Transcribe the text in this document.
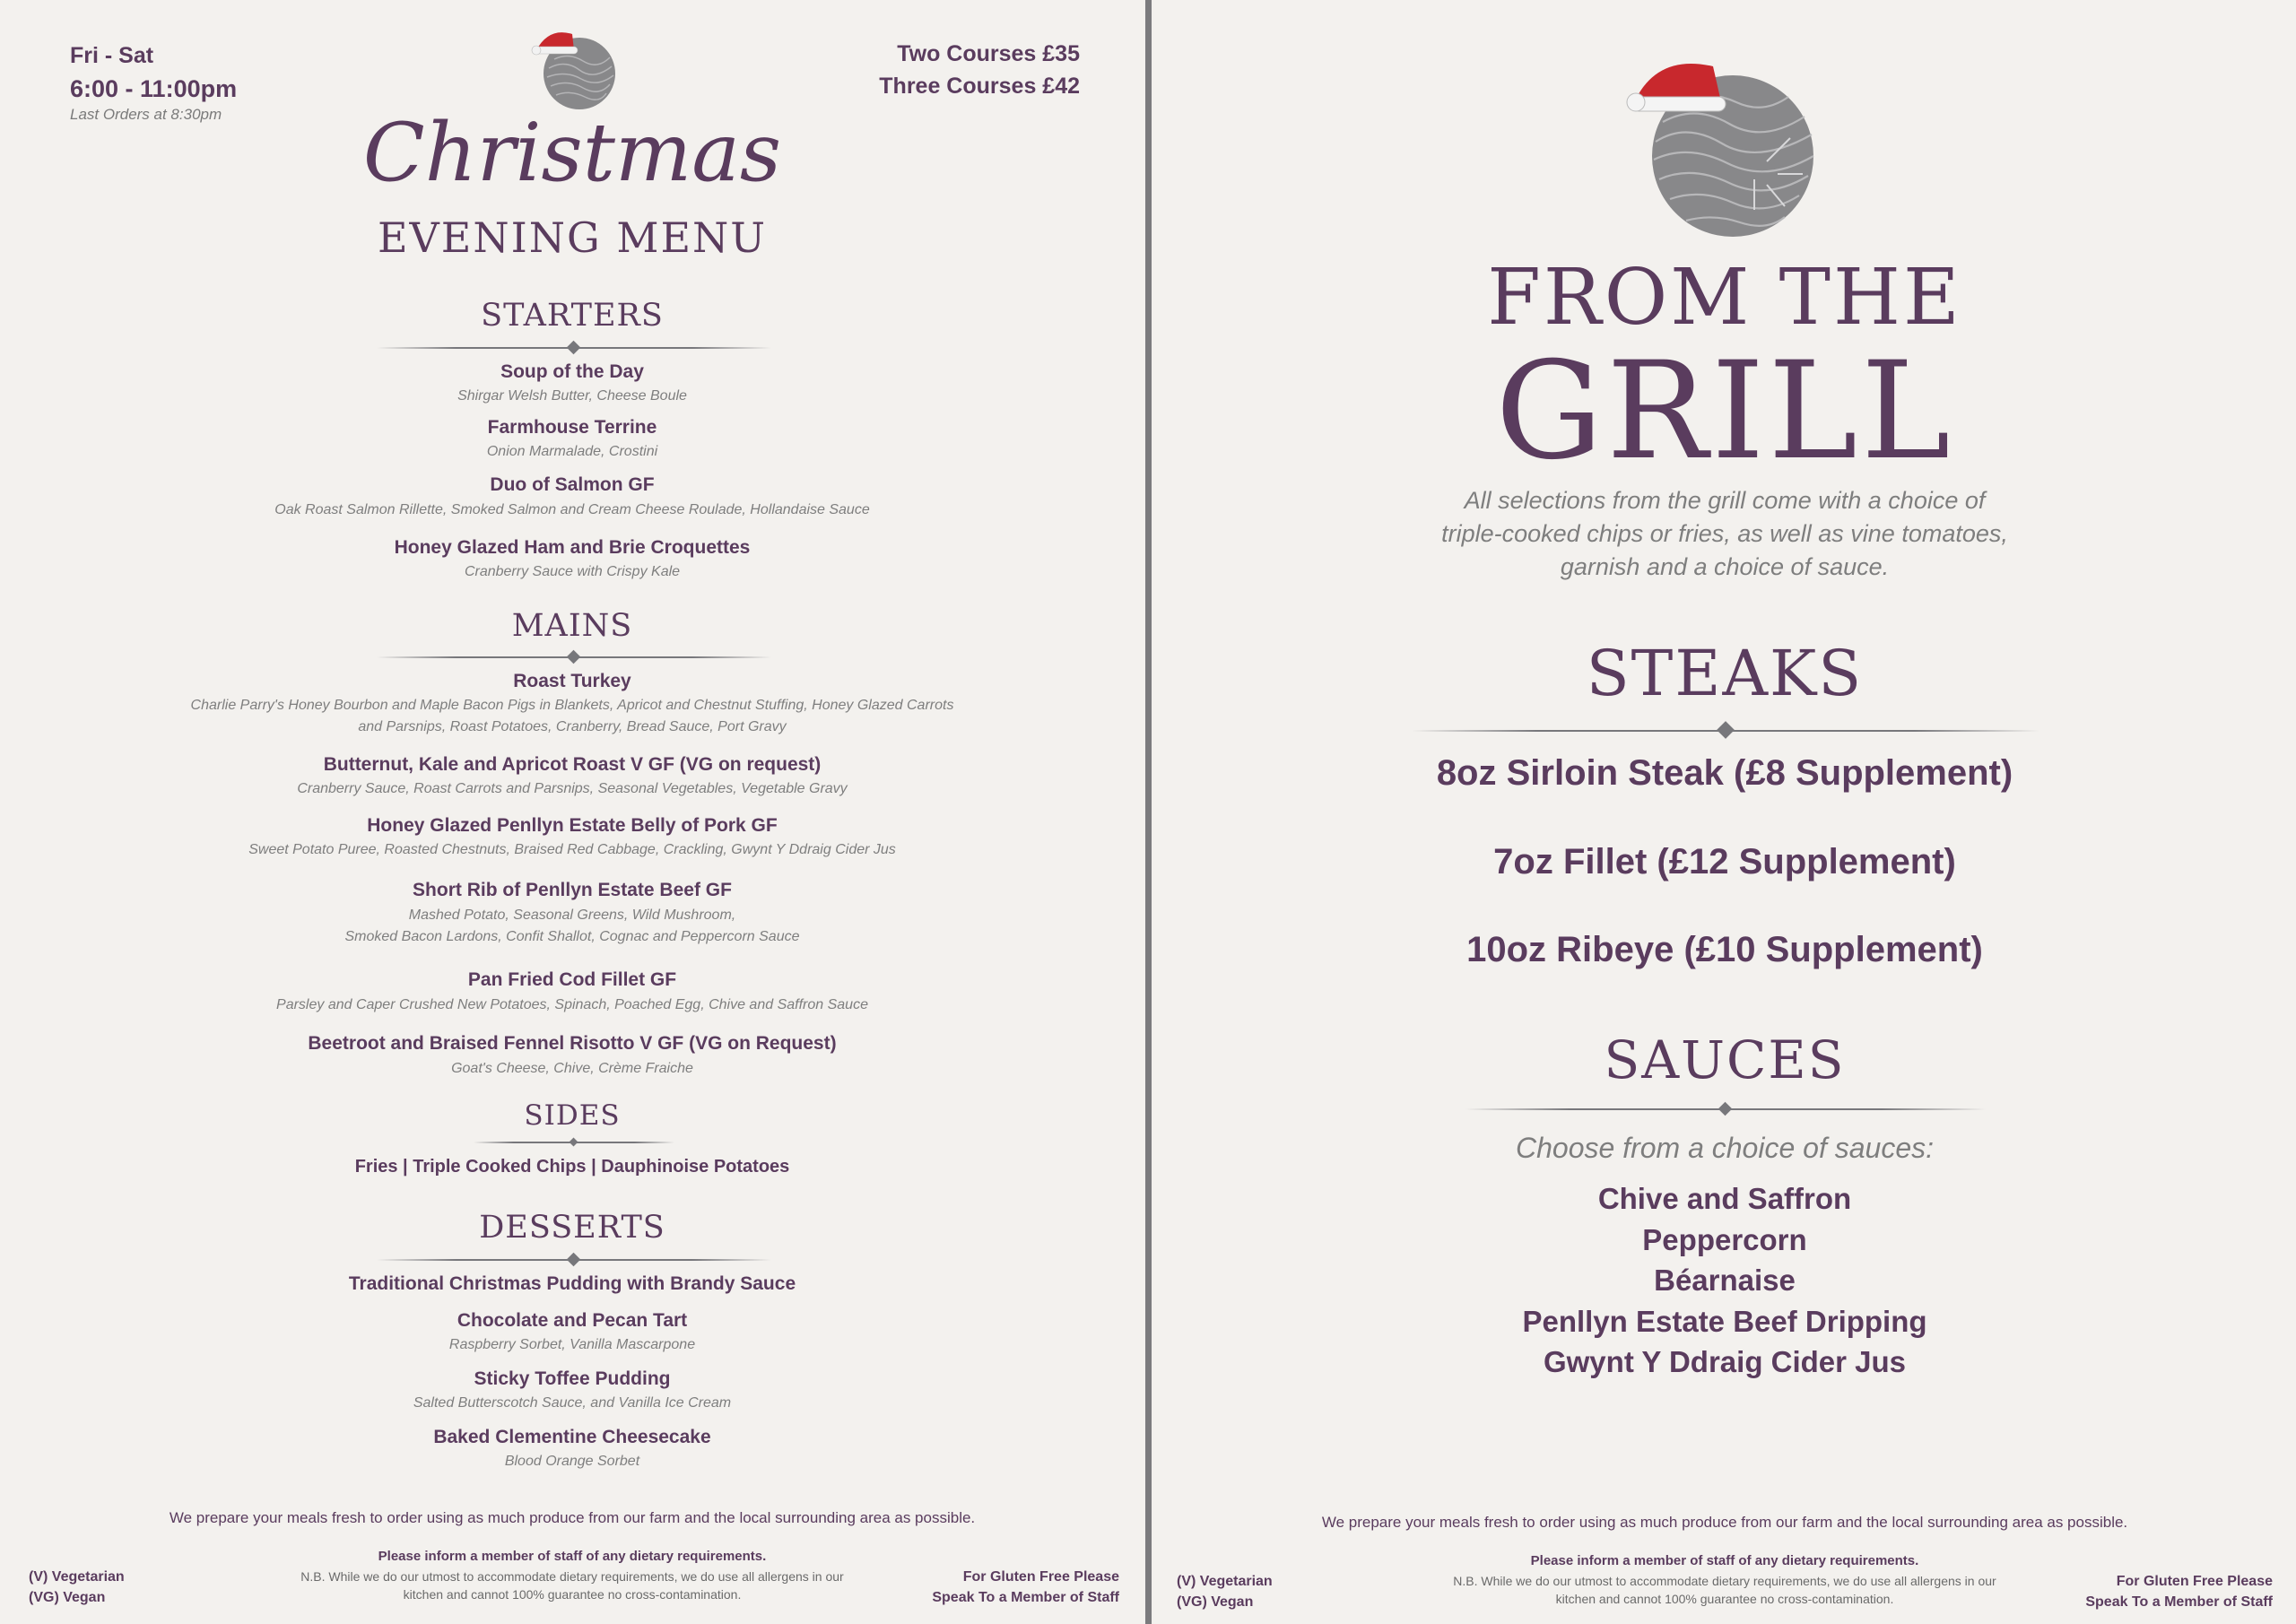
Fri - Sat
6:00 - 11:00pm
Last Orders at 8:30pm
Two Courses £35
Three Courses £42
Christmas
EVENING MENU
STARTERS
Soup of the Day
Shirgar Welsh Butter, Cheese Boule
Farmhouse Terrine
Onion Marmalade, Crostini
Duo of Salmon GF
Oak Roast Salmon Rillette, Smoked Salmon and Cream Cheese Roulade, Hollandaise Sauce
Honey Glazed Ham and Brie Croquettes
Cranberry Sauce with Crispy Kale
MAINS
Roast Turkey
Charlie Parry's Honey Bourbon and Maple Bacon Pigs in Blankets, Apricot and Chestnut Stuffing, Honey Glazed Carrots
and Parsnips, Roast Potatoes, Cranberry, Bread Sauce, Port Gravy
Butternut, Kale and Apricot Roast V GF (VG on request)
Cranberry Sauce, Roast Carrots and Parsnips, Seasonal Vegetables, Vegetable Gravy
Honey Glazed Penllyn Estate Belly of Pork GF
Sweet Potato Puree, Roasted Chestnuts, Braised Red Cabbage, Crackling, Gwynt Y Ddraig Cider Jus
Short Rib of Penllyn Estate Beef GF
Mashed Potato, Seasonal Greens, Wild Mushroom,
Smoked Bacon Lardons, Confit Shallot, Cognac and Peppercorn Sauce
Pan Fried Cod Fillet GF
Parsley and Caper Crushed New Potatoes, Spinach, Poached Egg, Chive and Saffron Sauce
Beetroot and Braised Fennel Risotto V GF (VG on Request)
Goat's Cheese, Chive, Crème Fraiche
SIDES
Fries | Triple Cooked Chips | Dauphinoise Potatoes
DESSERTS
Traditional Christmas Pudding with Brandy Sauce
Chocolate and Pecan Tart
Raspberry Sorbet, Vanilla Mascarpone
Sticky Toffee Pudding
Salted Butterscotch Sauce, and Vanilla Ice Cream
Baked Clementine Cheesecake
Blood Orange Sorbet
We prepare your meals fresh to order using as much produce from our farm and the local surrounding area as possible.
Please inform a member of staff of any dietary requirements.
N.B. While we do our utmost to accommodate dietary requirements, we do use all allergens in our
kitchen and cannot 100% guarantee no cross-contamination.
(V) Vegetarian
(VG) Vegan
For Gluten Free Please
Speak To a Member of Staff
FROM THE
GRILL
All selections from the grill come with a choice of
triple-cooked chips or fries, as well as vine tomatoes,
garnish and a choice of sauce.
STEAKS
8oz Sirloin Steak (£8 Supplement)
7oz Fillet (£12 Supplement)
10oz Ribeye (£10 Supplement)
SAUCES
Choose from a choice of sauces:
Chive and Saffron
Peppercorn
Béarnaise
Penllyn Estate Beef Dripping
Gwynt Y Ddraig Cider Jus
We prepare your meals fresh to order using as much produce from our farm and the local surrounding area as possible.
Please inform a member of staff of any dietary requirements.
N.B. While we do our utmost to accommodate dietary requirements, we do use all allergens in our
kitchen and cannot 100% guarantee no cross-contamination.
(V) Vegetarian
(VG) Vegan
For Gluten Free Please
Speak To a Member of Staff
